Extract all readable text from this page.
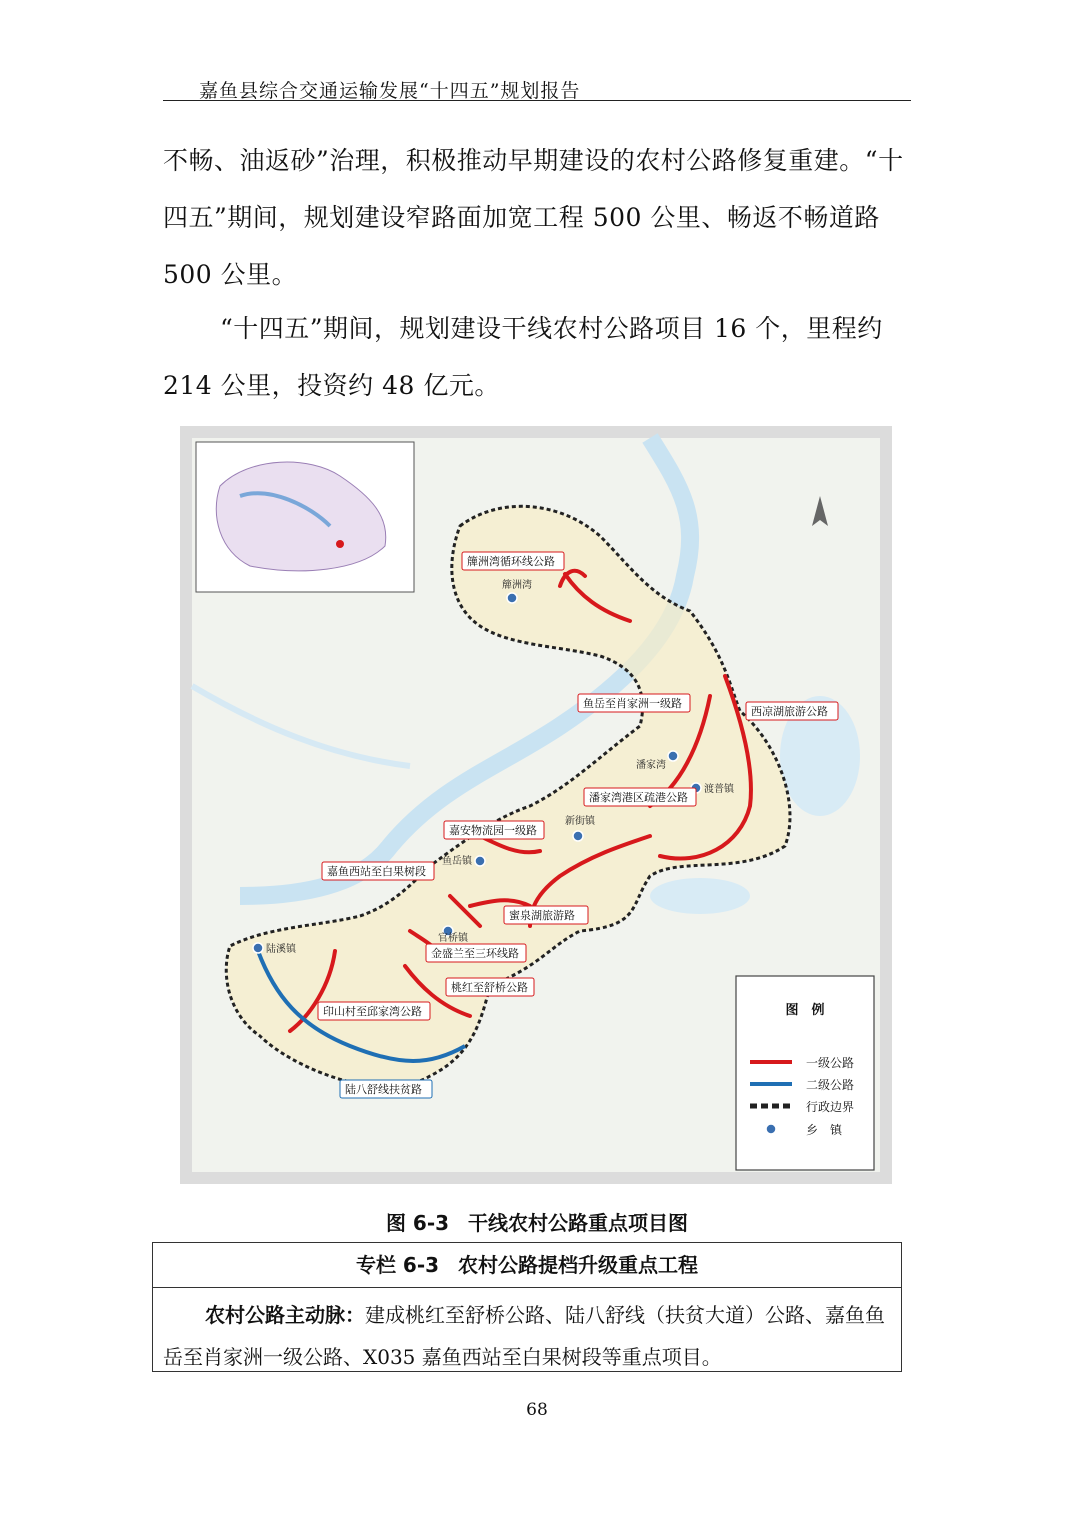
嘉鱼县综合交通运输发展“十四五”规划报告

不畅、油返砂”治理，积极推动早期建设的农村公路修复重建。“十四五”期间，规划建设窄路面加宽工程 500 公里、畅返不畅道路 500 公里。

“十四五”期间，规划建设干线农村公路项目 16 个，里程约 214 公里，投资约 48 亿元。

簰洲湾
潘家湾
渡普镇
新街镇
鱼岳镇
官桥镇
陆溪镇
簰洲湾循环线公路
鱼岳至肖家洲一级路
西凉湖旅游公路
潘家湾港区疏港公路
嘉安物流园一级路
嘉鱼西站至白果树段
蜜泉湖旅游路
金盛兰至三环线路
桃红至舒桥公路
印山村至邱家湾公路
陆八舒线扶贫路
图　例
一级公路
二级公路
行政边界
乡　镇
图 6-3 干线农村公路重点项目图
专栏 6-3 农村公路提档升级重点工程
农村公路主动脉：建成桃红至舒桥公路、陆八舒线（扶贫大道）公路、嘉鱼鱼岳至肖家洲一级公路、X035 嘉鱼西站至白果树段等重点项目。
68
